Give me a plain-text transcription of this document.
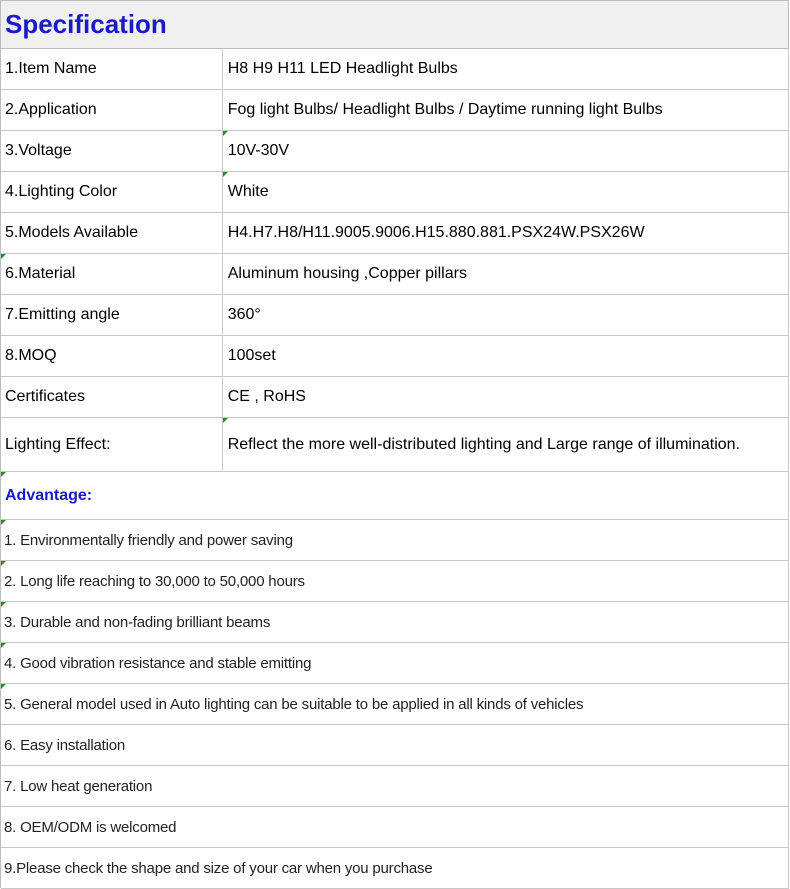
Specification
1.Item Name	H8 H9 H11 LED Headlight Bulbs
2.Application	Fog light Bulbs/ Headlight Bulbs / Daytime running light Bulbs
3.Voltage	10V-30V
4.Lighting Color	White
5.Models Available	H4.H7.H8/H11.9005.9006.H15.880.881.PSX24W.PSX26W
6.Material	Aluminum housing ,Copper pillars
7.Emitting angle	360°
8.MOQ	100set
Certificates	CE , RoHS
Lighting Effect:	Reflect the more well-distributed lighting and Large range of illumination.
Advantage:
1. Environmentally friendly and power saving
2. Long life reaching to 30,000 to 50,000 hours
3. Durable and non-fading brilliant beams
4. Good vibration resistance and stable emitting
5. General model used in Auto lighting can be suitable to be applied in all kinds of vehicles
6. Easy installation
7. Low heat generation
8. OEM/ODM is welcomed
9.Please check the shape and size of your car when you purchase
